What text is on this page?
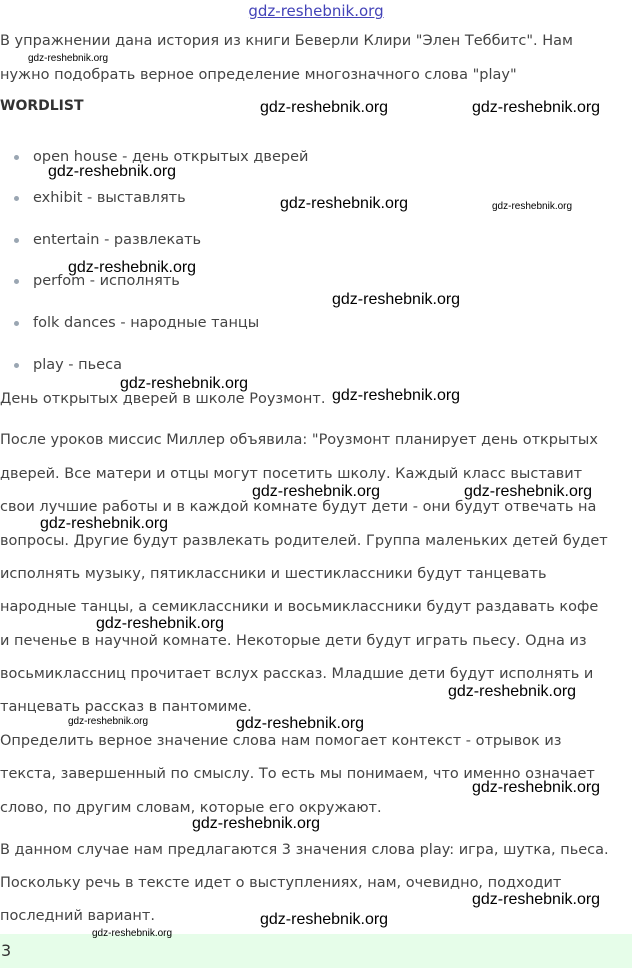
gdz-reshebnik.org
В упражнении дана история из книги Беверли Клири "Элен Теббитс". Нам
нужно подобрать верное определение многозначного слова "play"
WORDLIST
open house - день открытых дверей
exhibit - выставлять
entertain - развлекать
perfom - исполнять
folk dances - народные танцы
play - пьеса
День открытых дверей в школе Роузмонт.
После уроков миссис Миллер объявила: "Роузмонт планирует день открытых
дверей. Все матери и отцы могут посетить школу. Каждый класс выставит
свои лучшие работы и в каждой комнате будут дети - они будут отвечать на
вопросы. Другие будут развлекать родителей. Группа маленьких детей будет
исполнять музыку, пятиклассники и шестиклассники будут танцевать
народные танцы, а семиклассники и восьмиклассники будут раздавать кофе
и печенье в научной комнате. Некоторые дети будут играть пьесу. Одна из
восьмиклассниц прочитает вслух рассказ. Младшие дети будут исполнять и
танцевать рассказ в пантомиме.
Определить верное значение слова нам помогает контекст - отрывок из
текста, завершенный по смыслу. То есть мы понимаем, что именно означает
слово, по другим словам, которые его окружают.
В данном случае нам предлагаются 3 значения слова play: игра, шутка, пьеса.
Поскольку речь в тексте идет о выступлениях, нам, очевидно, подходит
последний вариант.
3
gdz-reshebnik.org
gdz-reshebnik.org	gdz-reshebnik.org
gdz-reshebnik.org
gdz-reshebnik.org	gdz-reshebnik.org
gdz-reshebnik.org
gdz-reshebnik.org
gdz-reshebnik.org
gdz-reshebnik.org
gdz-reshebnik.org	gdz-reshebnik.org
gdz-reshebnik.org
gdz-reshebnik.org
gdz-reshebnik.org
gdz-reshebnik.org	gdz-reshebnik.org
gdz-reshebnik.org
gdz-reshebnik.org
gdz-reshebnik.org
gdz-reshebnik.org
gdz-reshebnik.org
